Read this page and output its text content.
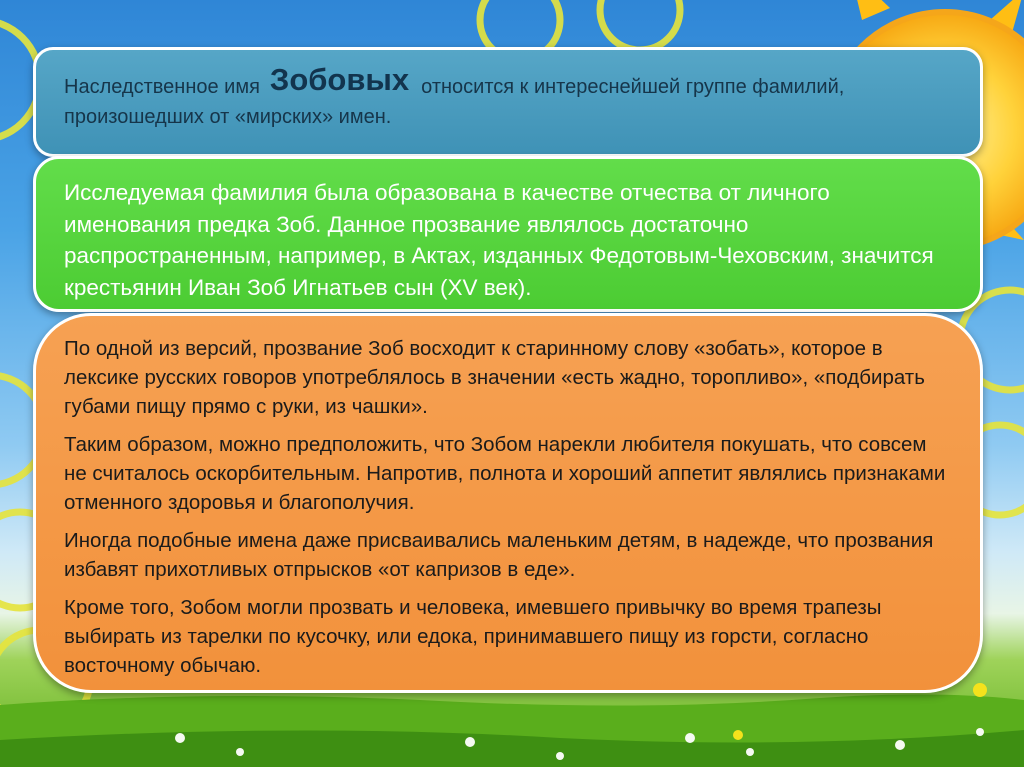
Наследственное имя Зобовых относится к интереснейшей группе фамилий, произошедших от «мирских» имен.
Исследуемая фамилия была образована в качестве отчества от личного именования предка Зоб. Данное прозвание являлось достаточно распространенным, например, в Актах, изданных Федотовым-Чеховским, значится крестьянин Иван Зоб Игнатьев сын (XV век).

По одной из версий, прозвание Зоб восходит к старинному слову «зобать», которое в лексике русских говоров употреблялось в значении «есть жадно, торопливо», «подбирать губами пищу прямо с руки, из чашки».

Таким образом, можно предположить, что Зобом нарекли любителя покушать, что совсем не считалось оскорбительным. Напротив, полнота и хороший аппетит являлись признаками отменного здоровья и благополучия.

Иногда подобные имена даже присваивались маленьким детям, в надежде, что прозвания избавят прихотливых отпрысков «от капризов в еде».

Кроме того, Зобом могли прозвать и человека, имевшего привычку во время трапезы выбирать из тарелки по кусочку, или едока, принимавшего пищу из горсти, согласно восточному обычаю.
